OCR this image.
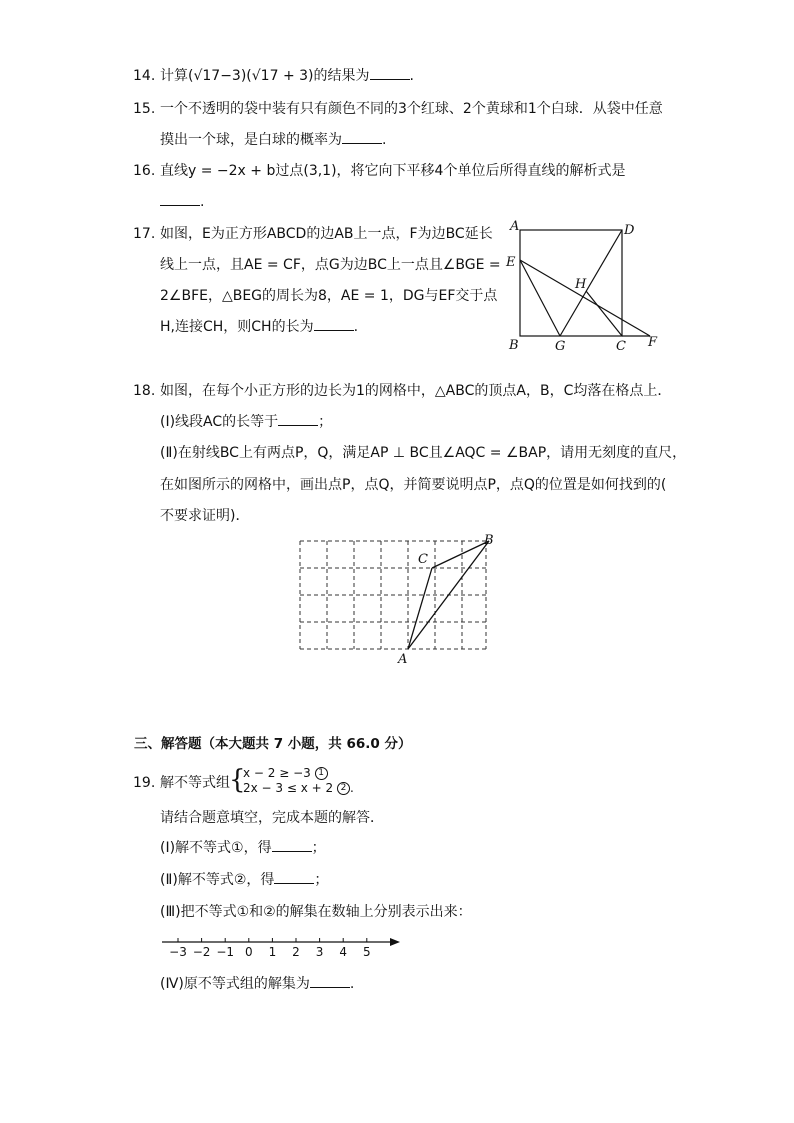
14. 计算(√17−3)(√17 + 3)的结果为	.
15. 一个不透明的袋中装有只有颜色不同的3个红球、2个黄球和1个白球．从袋中任意
摸出一个球，是白球的概率为	.
16. 直线y = −2x + b过点(3,1)，将它向下平移4个单位后所得直线的解析式是
.
17. 如图，E为正方形ABCD的边AB上一点，F为边BC延长
线上一点，且AE = CF，点G为边BC上一点且∠BGE =
2∠BFE，△BEG的周长为8，AE = 1，DG与EF交于点
H,连接CH，则CH的长为	.
A	D
E
H
B	G	C F
18. 如图，在每个小正方形的边长为1的网格中，△ABC的顶点A，B，C均落在格点上．
(Ⅰ)线段AC的长等于	；
(Ⅱ)在射线BC上有两点P，Q，满足AP ⊥ BC且∠AQC = ∠BAP，请用无刻度的直尺，
在如图所示的网格中，画出点P，点Q，并简要说明点P，点Q的位置是如何找到的(
不要求证明)．
C
B
A
三、解答题（本大题共 7 小题，共 66.0 分）
19. 解不等式组 {
x − 2 ≥ −3 1
2x − 3 ≤ x + 2 2 .
请结合题意填空，完成本题的解答．
(Ⅰ)解不等式①，得	；
(Ⅱ)解不等式②，得	；
(Ⅲ)把不等式①和②的解集在数轴上分别表示出来：
−3 −2 −1 0 1 2 3 4 5
(Ⅳ)原不等式组的解集为	.
